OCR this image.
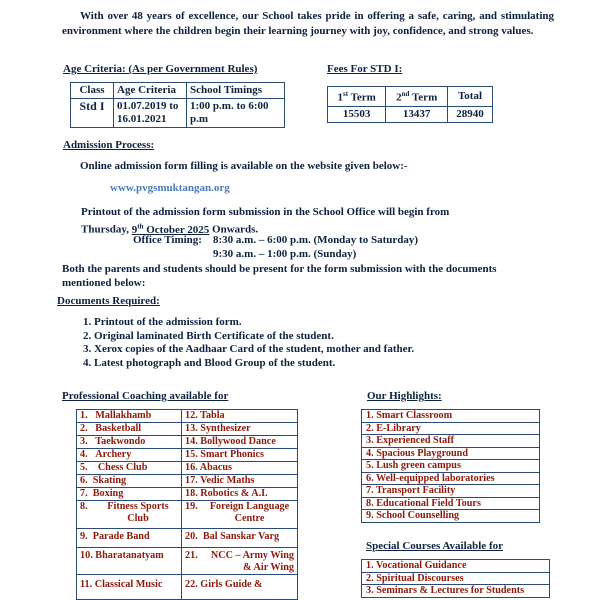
With over 48 years of excellence, our School takes pride in offering a safe, caring, and stimulating environment where the children begin their learning journey with joy, confidence, and strong values.
Age Criteria: (As per Government Rules)
Class	Age Criteria	School Timings
Std I	01.07.2019 to 16.01.2021	1:00 p.m. to 6:00 p.m
Fees For STD I:
1st Term	2nd Term	Total
15503	13437	28940
Admission Process:
Online admission form filling is available on the website given below:-
www.pvgsmuktangan.org
Printout of the admission form submission in the School Office will begin from
Thursday, 9th October 2025 Onwards.
Office Timing: 8:30 a.m. – 6:00 p.m. (Monday to Saturday)
9:30 a.m. – 1:00 p.m. (Sunday)
Both the parents and students should be present for the form submission with the documents mentioned below:
Documents Required:
1. Printout of the admission form.
2. Original laminated Birth Certificate of the student.
3. Xerox copies of the Aadhaar Card of the student, mother and father.
4. Latest photograph and Blood Group of the student.
Professional Coaching available for
1. Mallakhamb	12. Tabla
2. Basketball	13. Synthesizer
3. Taekwondo	14. Bollywood Dance
4. Archery	15. Smart Phonics
5. Chess Club	16. Abacus
6. Skating	17. Vedic Maths
7. Boxing	18. Robotics & A.I.

8. Fitness Sports Club	19. Foreign Language Centre

9. Parade Band	20. Bal Sanskar Varg
10. Bharatanatyam	21. NCC – Army Wing & Air Wing

11. Classical Music	22. Girls Guide &
Our Highlights:
1. Smart Classroom
2. E-Library
3. Experienced Staff
4. Spacious Playground
5. Lush green campus
6. Well-equipped laboratories
7. Transport Facility
8. Educational Field Tours
9. School Counselling
Special Courses Available for
1. Vocational Guidance
2. Spiritual Discourses
3. Seminars & Lectures for Students
